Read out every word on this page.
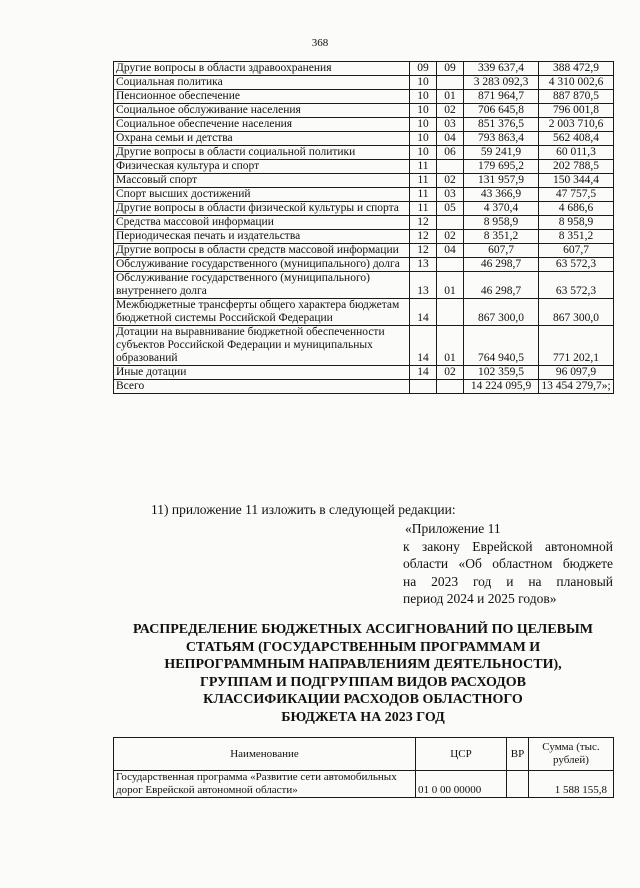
368
Другие вопросы в области здравоохранения	09	09	339 637,4	388 472,9
Социальная политика	10		3 283 092,3	4 310 002,6
Пенсионное обеспечение	10	01	871 964,7	887 870,5
Социальное обслуживание населения	10	02	706 645,8	796 001,8
Социальное обеспечение населения	10	03	851 376,5	2 003 710,6
Охрана семьи и детства	10	04	793 863,4	562 408,4
Другие вопросы в области социальной политики	10	06	59 241,9	60 011,3
Физическая культура и спорт	11		179 695,2	202 788,5
Массовый спорт	11	02	131 957,9	150 344,4
Спорт высших достижений	11	03	43 366,9	47 757,5
Другие вопросы в области физической культуры и спорта	11	05	4 370,4	4 686,6
Средства массовой информации	12		8 958,9	8 958,9
Периодическая печать и издательства	12	02	8 351,2	8 351,2
Другие вопросы в области средств массовой информации	12	04	607,7	607,7
Обслуживание государственного (муниципального) долга	13		46 298,7	63 572,3
Обслуживание государственного (муниципального) внутреннего долга	13	01	46 298,7	63 572,3
Межбюджетные трансферты общего характера бюджетам бюджетной системы Российской Федерации	14		867 300,0	867 300,0
Дотации на выравнивание бюджетной обеспеченности субъектов Российской Федерации и муниципальных образований	14	01	764 940,5	771 202,1
Иные дотации	14	02	102 359,5	96 097,9
Всего			14 224 095,9	13 454 279,7»;
11) приложение 11 изложить в следующей редакции:
«Приложение 11
к закону Еврейской автономной
области «Об областном бюджете
на 2023 год и на плановый
период 2024 и 2025 годов»
РАСПРЕДЕЛЕНИЕ БЮДЖЕТНЫХ АССИГНОВАНИЙ ПО ЦЕЛЕВЫМ
СТАТЬЯМ (ГОСУДАРСТВЕННЫМ ПРОГРАММАМ И
НЕПРОГРАММНЫМ НАПРАВЛЕНИЯМ ДЕЯТЕЛЬНОСТИ),
ГРУППАМ И ПОДГРУППАМ ВИДОВ РАСХОДОВ
КЛАССИФИКАЦИИ РАСХОДОВ ОБЛАСТНОГО
БЮДЖЕТА НА 2023 ГОД
Наименование	ЦСР	ВР	Сумма (тыс. рублей)
Государственная программа «Развитие сети автомобильных дорог Еврейской автономной области»	01 0 00 00000		1 588 155,8
